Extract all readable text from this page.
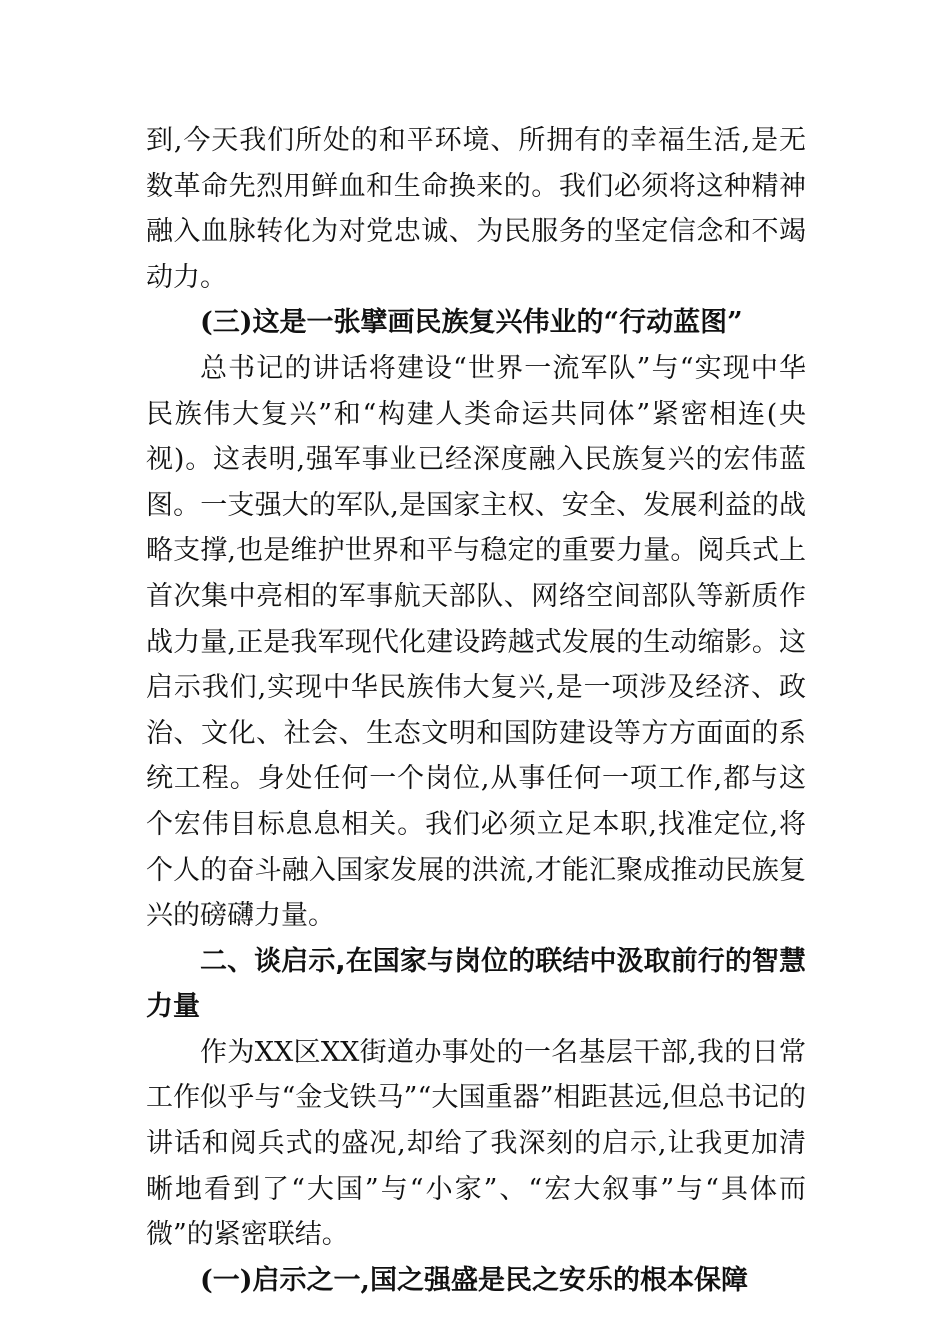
到,今天我们所处的和平环境、所拥有的幸福生活,是无数革命先烈用鲜血和生命换来的。我们必须将这种精神融入血脉转化为对党忠诚、为民服务的坚定信念和不竭动力。

(三)这是一张擘画民族复兴伟业的“行动蓝图”

总书记的讲话将建设“世界一流军队”与“实现中华民族伟大复兴”和“构建人类命运共同体”紧密相连(央视)。这表明,强军事业已经深度融入民族复兴的宏伟蓝图。一支强大的军队,是国家主权、安全、发展利益的战略支撑,也是维护世界和平与稳定的重要力量。阅兵式上首次集中亮相的军事航天部队、网络空间部队等新质作战力量,正是我军现代化建设跨越式发展的生动缩影。这启示我们,实现中华民族伟大复兴,是一项涉及经济、政治、文化、社会、生态文明和国防建设等方方面面的系统工程。身处任何一个岗位,从事任何一项工作,都与这个宏伟目标息息相关。我们必须立足本职,找准定位,将个人的奋斗融入国家发展的洪流,才能汇聚成推动民族复兴的磅礴力量。

二、谈启示,在国家与岗位的联结中汲取前行的智慧力量

作为XX区XX街道办事处的一名基层干部,我的日常工作似乎与“金戈铁马”“大国重器”相距甚远,但总书记的讲话和阅兵式的盛况,却给了我深刻的启示,让我更加清晰地看到了“大国”与“小家”、“宏大叙事”与“具体而微”的紧密联结。

(一)启示之一,国之强盛是民之安乐的根本保障
